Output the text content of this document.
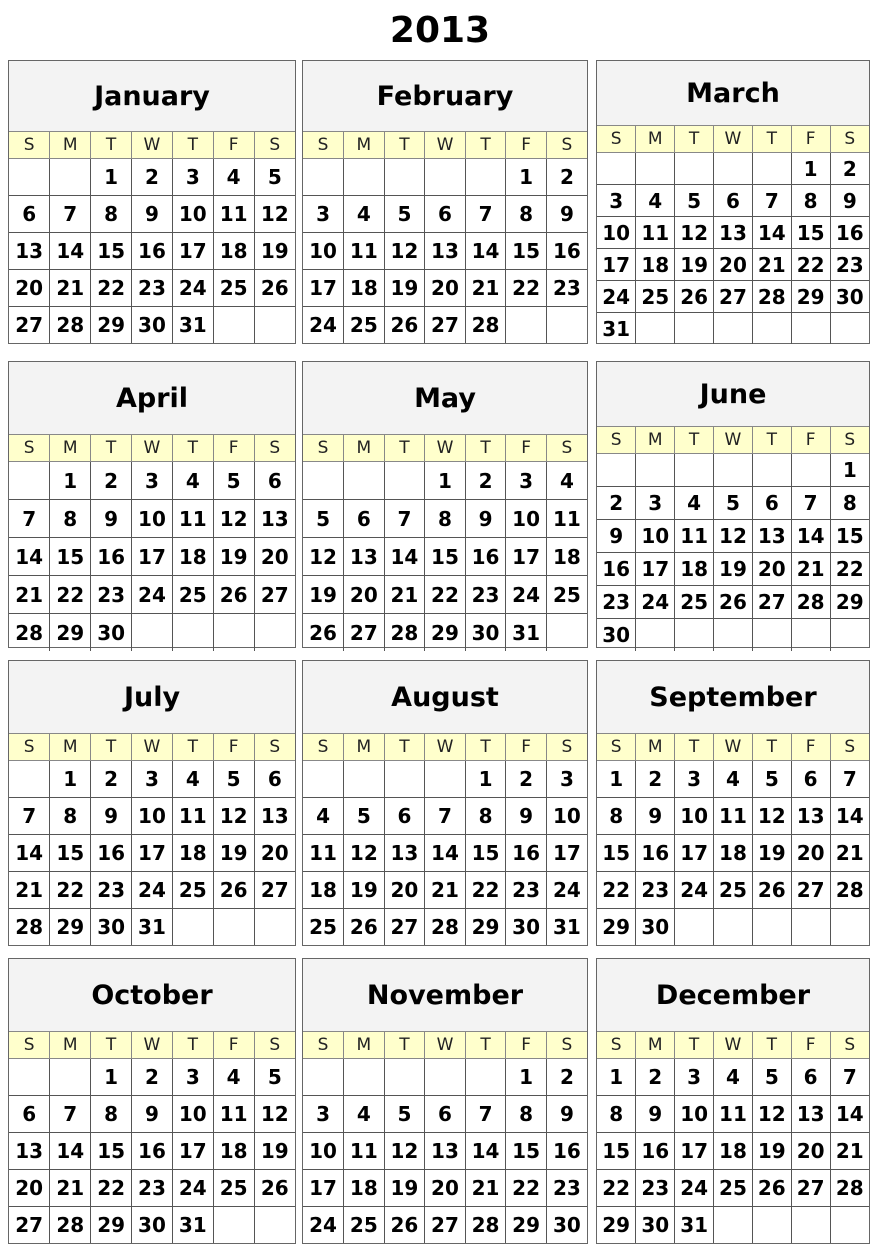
2013
January
S	M	T	W	T	F	S
		1	2	3	4	5
6	7	8	9	10	11	12
13	14	15	16	17	18	19
20	21	22	23	24	25	26
27	28	29	30	31		
February
S	M	T	W	T	F	S
					1	2
3	4	5	6	7	8	9
10	11	12	13	14	15	16
17	18	19	20	21	22	23
24	25	26	27	28		
March
S	M	T	W	T	F	S
					1	2
3	4	5	6	7	8	9
10	11	12	13	14	15	16
17	18	19	20	21	22	23
24	25	26	27	28	29	30
31						
April
S	M	T	W	T	F	S
	1	2	3	4	5	6
7	8	9	10	11	12	13
14	15	16	17	18	19	20
21	22	23	24	25	26	27
28	29	30				
May
S	M	T	W	T	F	S
			1	2	3	4
5	6	7	8	9	10	11
12	13	14	15	16	17	18
19	20	21	22	23	24	25
26	27	28	29	30	31	
June
S	M	T	W	T	F	S
						1
2	3	4	5	6	7	8
9	10	11	12	13	14	15
16	17	18	19	20	21	22
23	24	25	26	27	28	29
30						
July
S	M	T	W	T	F	S
	1	2	3	4	5	6
7	8	9	10	11	12	13
14	15	16	17	18	19	20
21	22	23	24	25	26	27
28	29	30	31			
August
S	M	T	W	T	F	S
				1	2	3
4	5	6	7	8	9	10
11	12	13	14	15	16	17
18	19	20	21	22	23	24
25	26	27	28	29	30	31
September
S	M	T	W	T	F	S
1	2	3	4	5	6	7
8	9	10	11	12	13	14
15	16	17	18	19	20	21
22	23	24	25	26	27	28
29	30					
October
S	M	T	W	T	F	S
		1	2	3	4	5
6	7	8	9	10	11	12
13	14	15	16	17	18	19
20	21	22	23	24	25	26
27	28	29	30	31		
November
S	M	T	W	T	F	S
					1	2
3	4	5	6	7	8	9
10	11	12	13	14	15	16
17	18	19	20	21	22	23
24	25	26	27	28	29	30
December
S	M	T	W	T	F	S
1	2	3	4	5	6	7
8	9	10	11	12	13	14
15	16	17	18	19	20	21
22	23	24	25	26	27	28
29	30	31				
